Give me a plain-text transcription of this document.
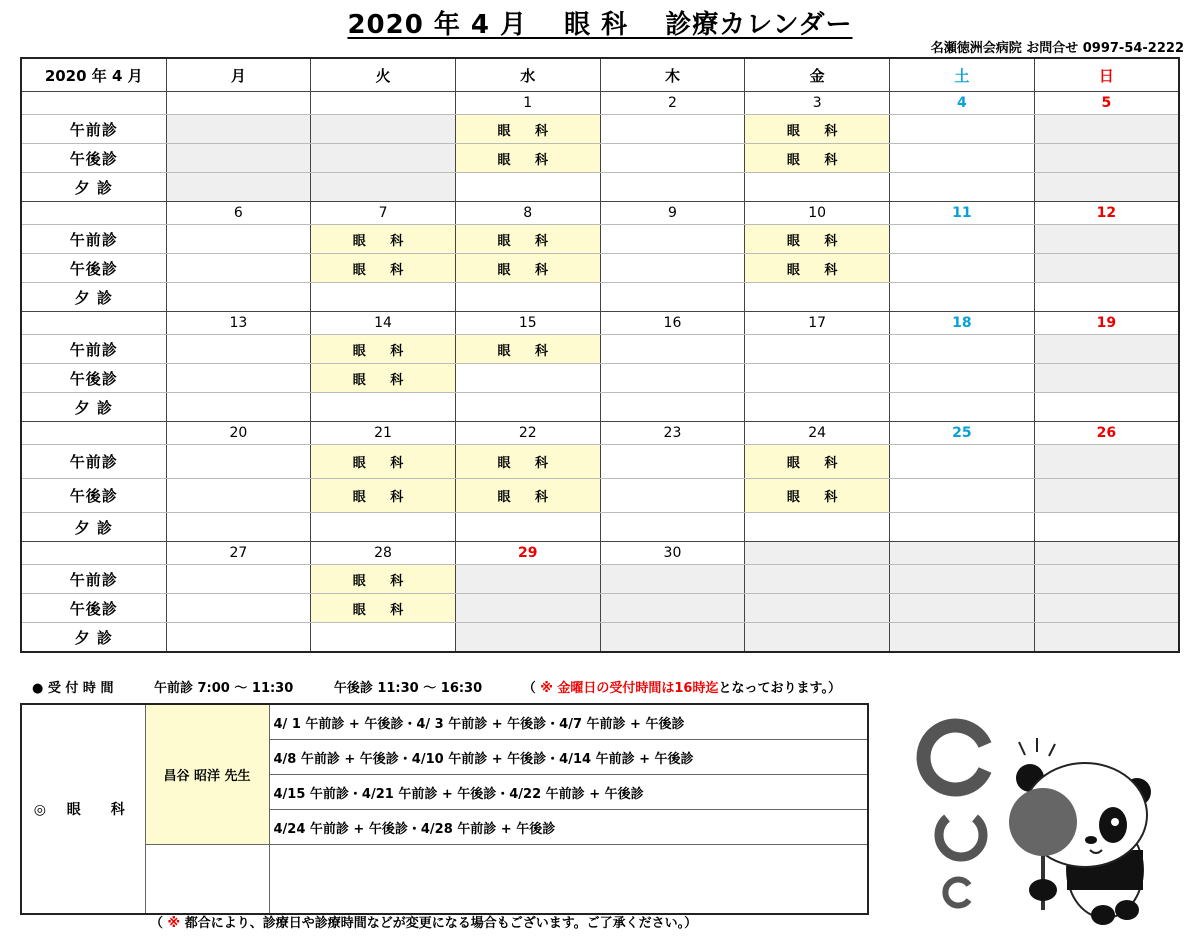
2020 年 4 月　 眼 科　 診療カレンダー
名瀬徳洲会病院 お問合せ 0997-54-2222
2020 年 4 月	月	火	水	木	金	土	日
			1	2	3	4	5
午前診			眼 科		眼 科		
午後診			眼 科		眼 科		
夕 診							
	6	7	8	9	10	11	12
午前診		眼 科	眼 科		眼 科		
午後診		眼 科	眼 科		眼 科		
夕 診							
	13	14	15	16	17	18	19
午前診		眼 科	眼 科				
午後診		眼 科					
夕 診							
	20	21	22	23	24	25	26
午前診		眼 科	眼 科		眼 科		
午後診		眼 科	眼 科		眼 科		
夕 診							
	27	28	29	30			
午前診		眼 科					
午後診		眼 科					
夕 診							
● 受 付 時 間	午前診 7:00 〜 11:30	午後診 11:30 〜 16:30	（ ※ 金曜日の受付時間は16時迄となっております。）
◎ 眼　科	昌谷 昭洋 先生	4/ 1 午前診 + 午後診・4/ 3 午前診 + 午後診・4/7 午前診 + 午後診
4/8 午前診 + 午後診・4/10 午前診 + 午後診・4/14 午前診 + 午後診
4/15 午前診・4/21 午前診 + 午後診・4/22 午前診 + 午後診
4/24 午前診 + 午後診・4/28 午前診 + 午後診

（ ※ 都合により、診療日や診療時間などが変更になる場合もございます。ご了承ください。）
